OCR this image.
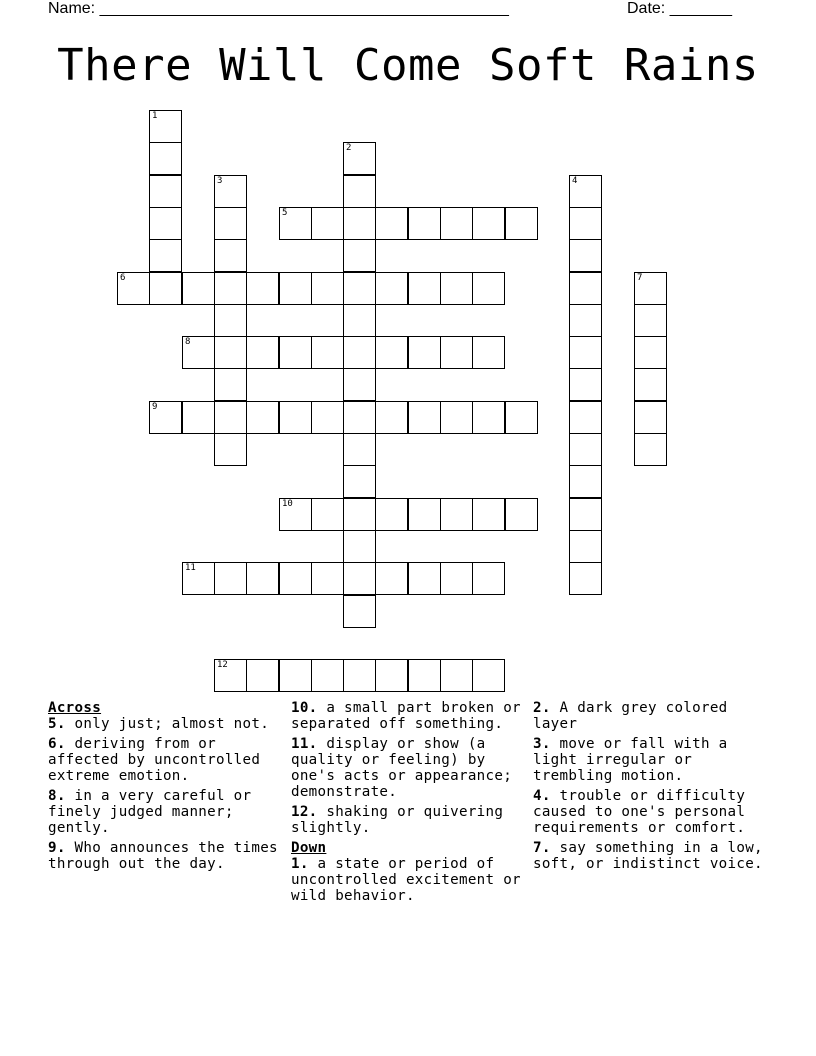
Name: ______________________________________________	Date: _______
There Will Come Soft Rains
5
6
8
9
10
11
12
1
2
3	4
7

Across

5. only just; almost not.

6. deriving from or affected by uncontrolled extreme emotion.

8. in a very careful or finely judged manner; gently.

9. Who announces the times through out the day.

10. a small part broken or separated off something.

11. display or show (a quality or feeling) by one's acts or appearance; demonstrate.

12. shaking or quivering slightly.

Down

1. a state or period of uncontrolled excitement or wild behavior.

2. A dark grey colored layer

3. move or fall with a light irregular or trembling motion.

4. trouble or difficulty caused to one's personal requirements or comfort.

7. say something in a low, soft, or indistinct voice.
